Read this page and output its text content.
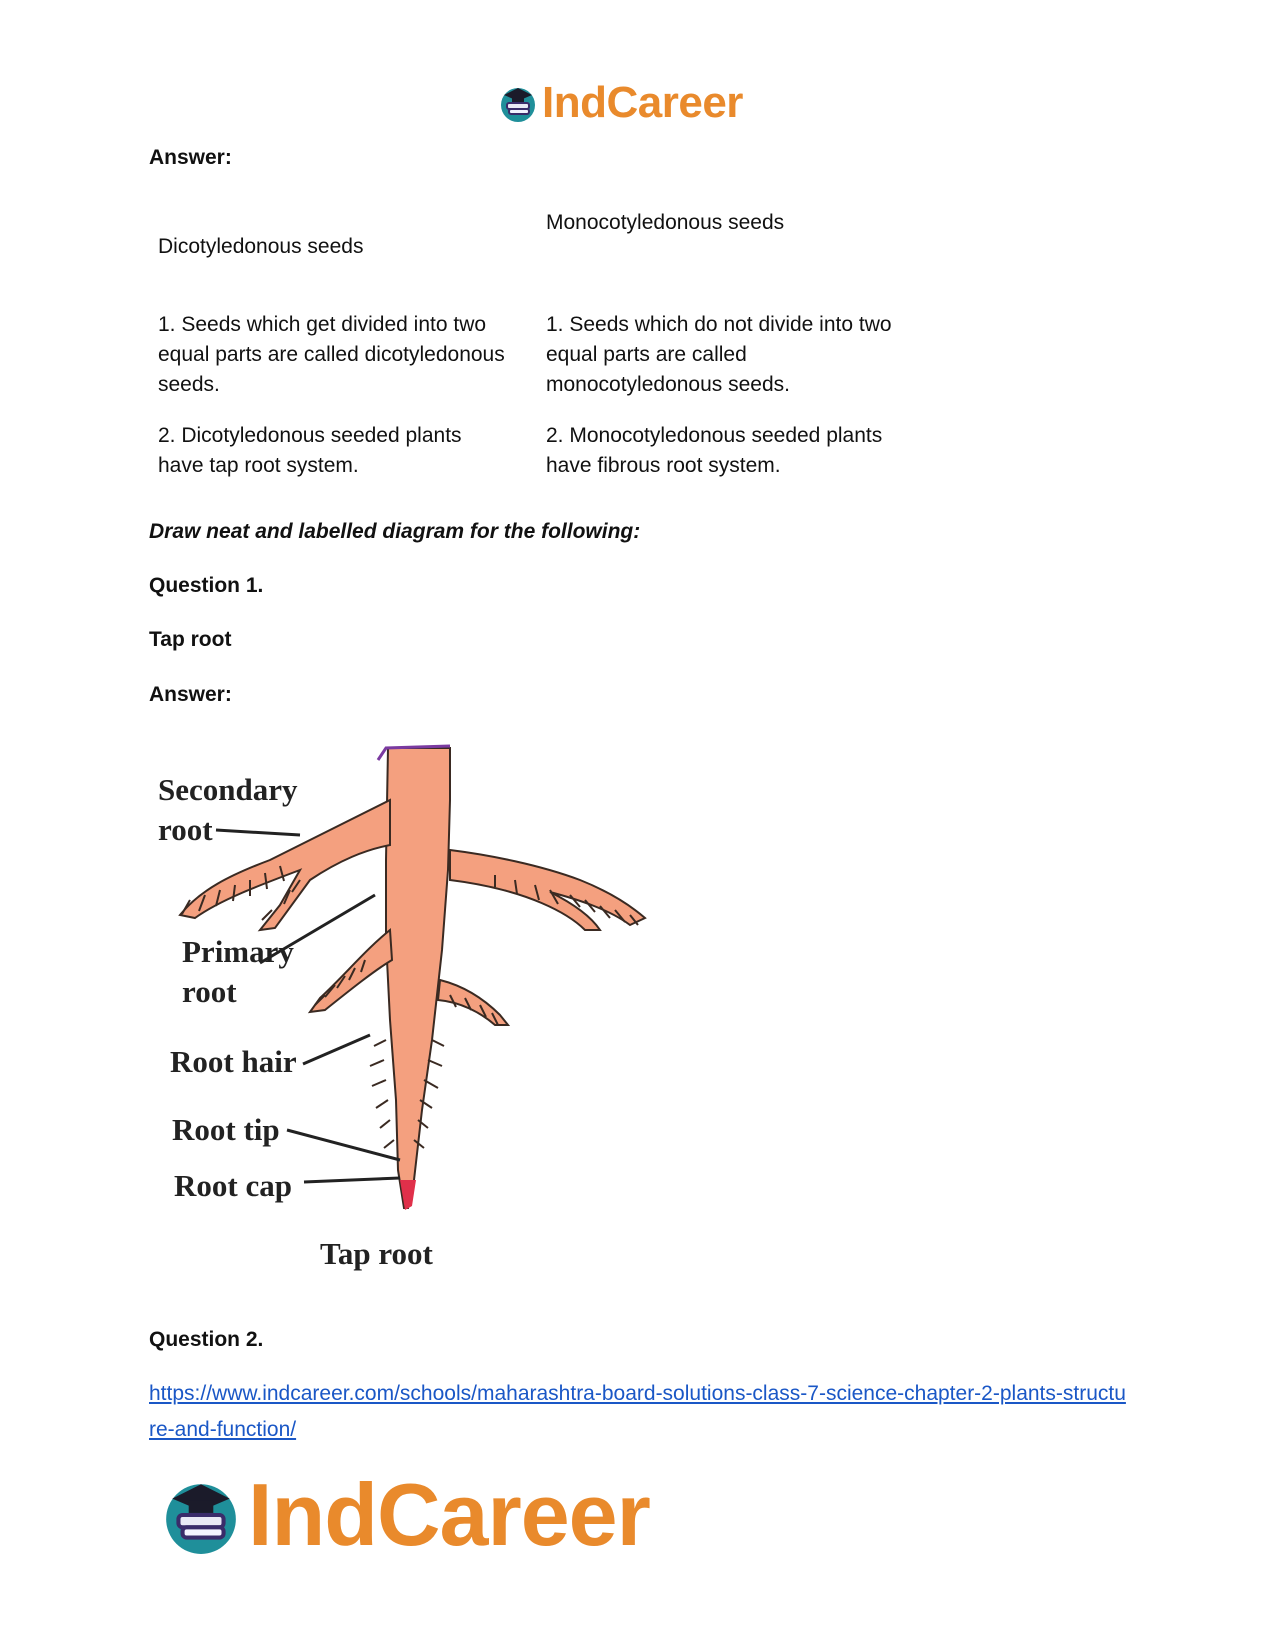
IndCareer
Answer:
Dicotyledonous seeds
Monocotyledonous seeds
1. Seeds which get divided into two equal parts are called dicotyledonous seeds.
1. Seeds which do not divide into two equal parts are called monocotyledonous seeds.
2. Dicotyledonous seeded plants have tap root system.
2. Monocotyledonous seeded plants have fibrous root system.
Draw neat and labelled diagram for the following:
Question 1.
Tap root
Answer:
Secondary
root
Primary
root
Root hair
Root tip
Root cap
Tap root
Question 2.
https://www.indcareer.com/schools/maharashtra-board-solutions-class-7-science-chapter-2-plants-structure-and-function/
IndCareer
